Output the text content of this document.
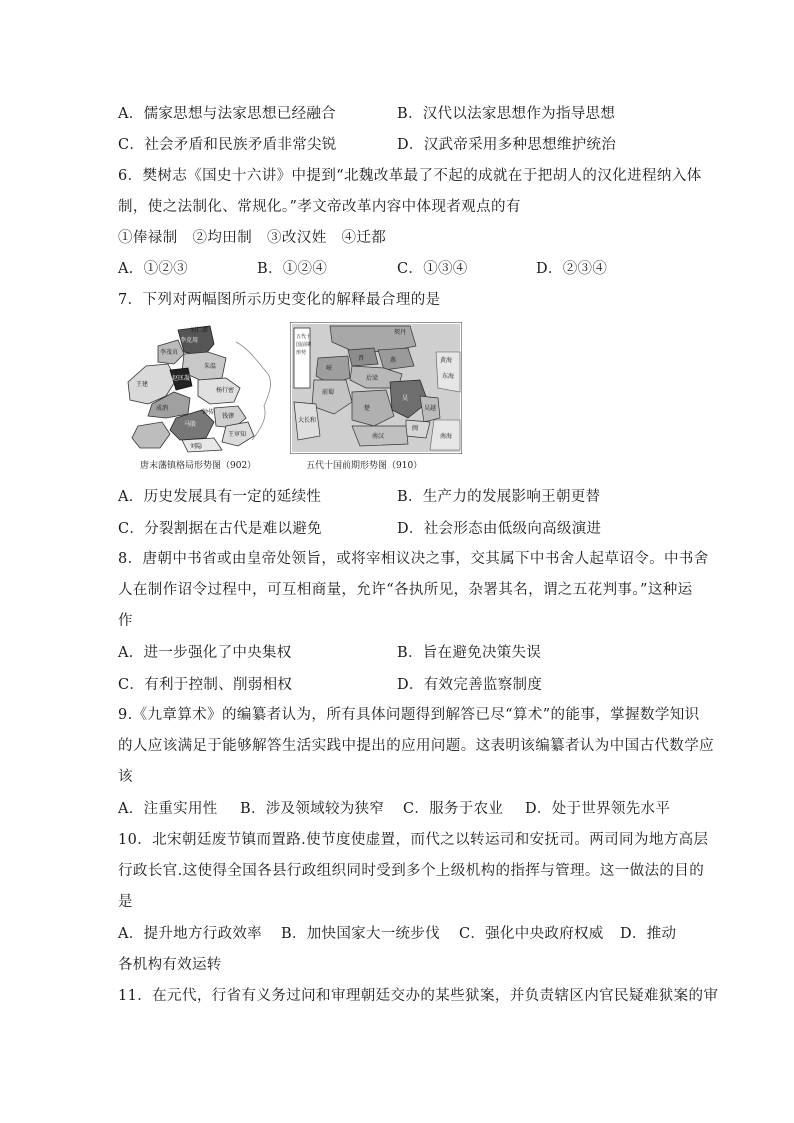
A．儒家思想与法家思想已经融合	B．汉代以法家思想作为指导思想
C．社会矛盾和民族矛盾非常尖锐	D．汉武帝采用多种思想维护统治
6．樊树志《国史十六讲》中提到“北魏改革最了不起的成就在于把胡人的汉化进程纳入体
制，使之法制化、常规化。”孝文帝改革内容中体现者观点的有
①俸禄制　②均田制　③改汉姓　④迁都
A．①②③	B．①②④	C．①③④	D．②③④
7．下列对两幅图所示历史变化的解释最合理的是
刘仁恭
李克用
朱温
王建
赵匡凝
杨行密
钱镠
马殷
王审知
刘隐
成汭
钟传
李茂贞
五代十
国前期
形势
契丹
晋	燕
后梁
岐
前蜀
楚
吴
吴越
闽
南汉
大长和
东海
南海
黄海
唐末藩镇格局形势图（902）	五代十国前期形势图（910）
A．历史发展具有一定的延续性	B．生产力的发展影响王朝更替
C．分裂割据在古代是难以避免	D．社会形态由低级向高级演进
8．唐朝中书省或由皇帝处领旨，或将宰相议决之事，交其属下中书舍人起草诏令。中书舍
人在制作诏令过程中，可互相商量，允许“各执所见，杂署其名，谓之五花判事。”这种运
作
A．进一步强化了中央集权	B．旨在避免决策失误
C．有利于控制、削弱相权	D．有效完善监察制度
9.《九章算术》的编纂者认为，所有具体问题得到解答已尽“算术”的能事，掌握数学知识
的人应该满足于能够解答生活实践中提出的应用问题。这表明该编纂者认为中国古代数学应
该
A．注重实用性 B．涉及领域较为狭窄 C．服务于农业 D．处于世界领先水平
10．北宋朝廷废节镇而置路.使节度使虚置，而代之以转运司和安抚司。两司同为地方高层
行政长官.这使得全国各县行政组织同时受到多个上级机构的指挥与管理。这一做法的目的
是
A．提升地方行政效率 B．加快国家大一统步伐 C．强化中央政府权威 D．推动
各机构有效运转
11．在元代，行省有义务过问和审理朝廷交办的某些狱案，并负责辖区内官民疑难狱案的审
